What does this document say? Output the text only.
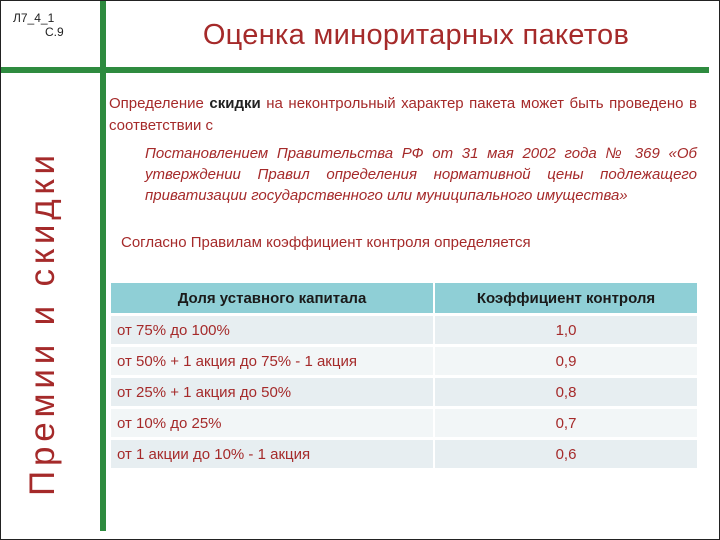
Л7_4_1
С.9	Оценка миноритарных пакетов
Премии и скидки
Определение скидки на неконтрольный характер пакета может быть проведено в соответствии с
Постановлением Правительства РФ от 31 мая 2002 года № 369 «Об утверждении Правил определения нормативной цены подлежащего приватизации государственного или муниципального имущества»
Согласно Правилам коэффициент контроля определяется
Доля уставного капитала	Коэффициент контроля
от 75% до 100%	1,0
от 50% + 1 акция до 75% - 1 акция	0,9
от 25% + 1 акция до 50%	0,8
от 10% до 25%	0,7
от 1 акции до 10% - 1 акция	0,6
